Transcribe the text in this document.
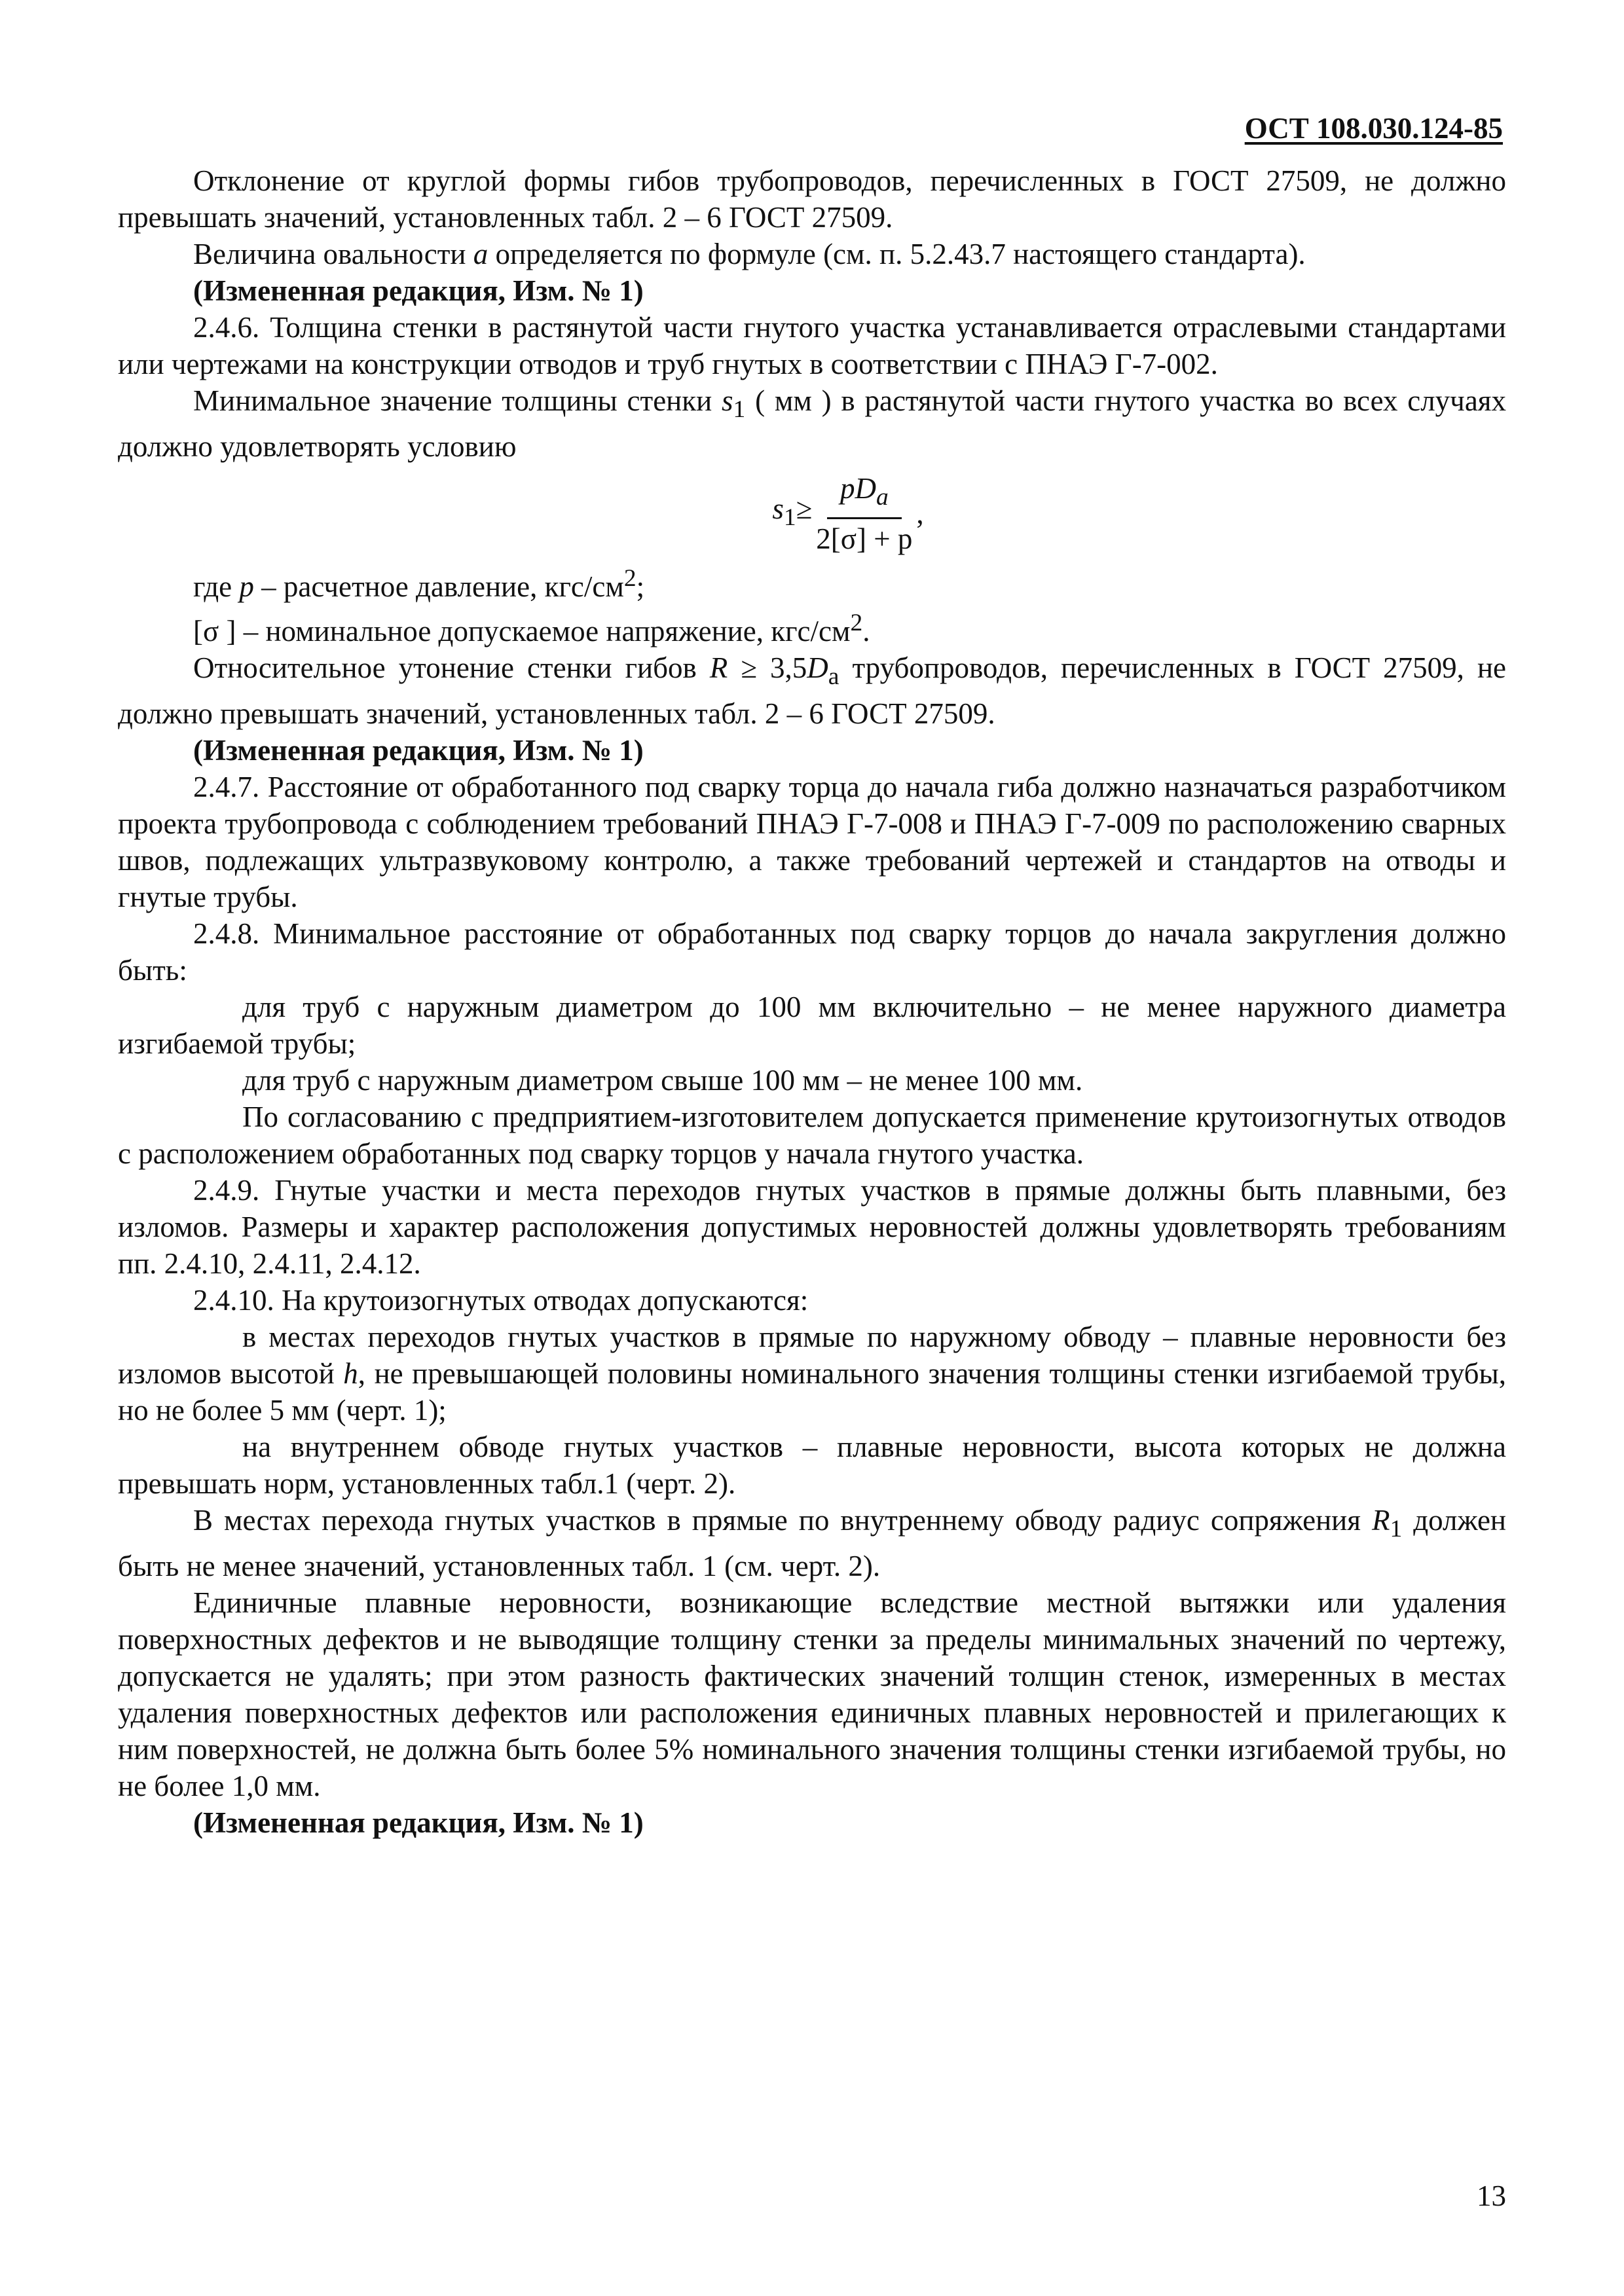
ОСТ 108.030.124-85

Отклонение от круглой формы гибов трубопроводов, перечисленных в ГОСТ 27509, не должно превышать значений, установленных табл. 2 – 6 ГОСТ 27509.

Величина овальности a определяется по формуле (см. п. 5.2.43.7 настоящего стандарта).

(Измененная редакция, Изм. № 1)

2.4.6. Толщина стенки в растянутой части гнутого участка устанавливается отраслевыми стандартами или чертежами на конструкции отводов и труб гнутых в соответствии с ПНАЭ Г-7-002.

Минимальное значение толщины стенки $s_1$ ( мм ) в растянутой части гнутого участка во всех случаях должно удовлетворять условию

$s_1\ge \frac{pD_a}{2[\sigma] + p}$ ,

где p – расчетное давление, кгс/$см^2$;

[σ ] – номинальное допускаемое напряжение, кгс/$см^2$.

Относительное утонение стенки гибов $R \ge 3,5D_a$ трубопроводов, перечисленных в ГОСТ 27509, не должно превышать значений, установленных табл. 2 – 6 ГОСТ 27509.

(Измененная редакция, Изм. № 1)

2.4.7. Расстояние от обработанного под сварку торца до начала гиба должно назначаться разработчиком проекта трубопровода с соблюдением требований ПНАЭ Г-7-008 и ПНАЭ Г-7-009 по расположению сварных швов, подлежащих ультразвуковому контролю, а также требований чертежей и стандартов на отводы и гнутые трубы.

2.4.8. Минимальное расстояние от обработанных под сварку торцов до начала закругления должно быть:

для труб с наружным диаметром до 100 мм включительно – не менее наружного диаметра изгибаемой трубы;

для труб с наружным диаметром свыше 100 мм – не менее 100 мм.

По согласованию с предприятием-изготовителем допускается применение крутоизогнутых отводов с расположением обработанных под сварку торцов у начала гнутого участка.

2.4.9. Гнутые участки и места переходов гнутых участков в прямые должны быть плавными, без изломов. Размеры и характер расположения допустимых неровностей должны удовлетворять требованиям пп. 2.4.10, 2.4.11, 2.4.12.

2.4.10. На крутоизогнутых отводах допускаются:

в местах переходов гнутых участков в прямые по наружному обводу – плавные неровности без изломов высотой h, не превышающей половины номинального значения толщины стенки изгибаемой трубы, но не более 5 мм (черт. 1);

на внутреннем обводе гнутых участков – плавные неровности, высота которых не должна превышать норм, установленных табл.1 (черт. 2).

В местах перехода гнутых участков в прямые по внутреннему обводу радиус сопряжения $R_1$ должен быть не менее значений, установленных табл. 1 (см. черт. 2).

Единичные плавные неровности, возникающие вследствие местной вытяжки или удаления поверхностных дефектов и не выводящие толщину стенки за пределы минимальных значений по чертежу, допускается не удалять; при этом разность фактических значений толщин стенок, измеренных в местах удаления поверхностных дефектов или расположения единичных плавных неровностей и прилегающих к ним поверхностей, не должна быть более 5% номинального значения толщины стенки изгибаемой трубы, но не более 1,0 мм.

(Измененная редакция, Изм. № 1)

13
